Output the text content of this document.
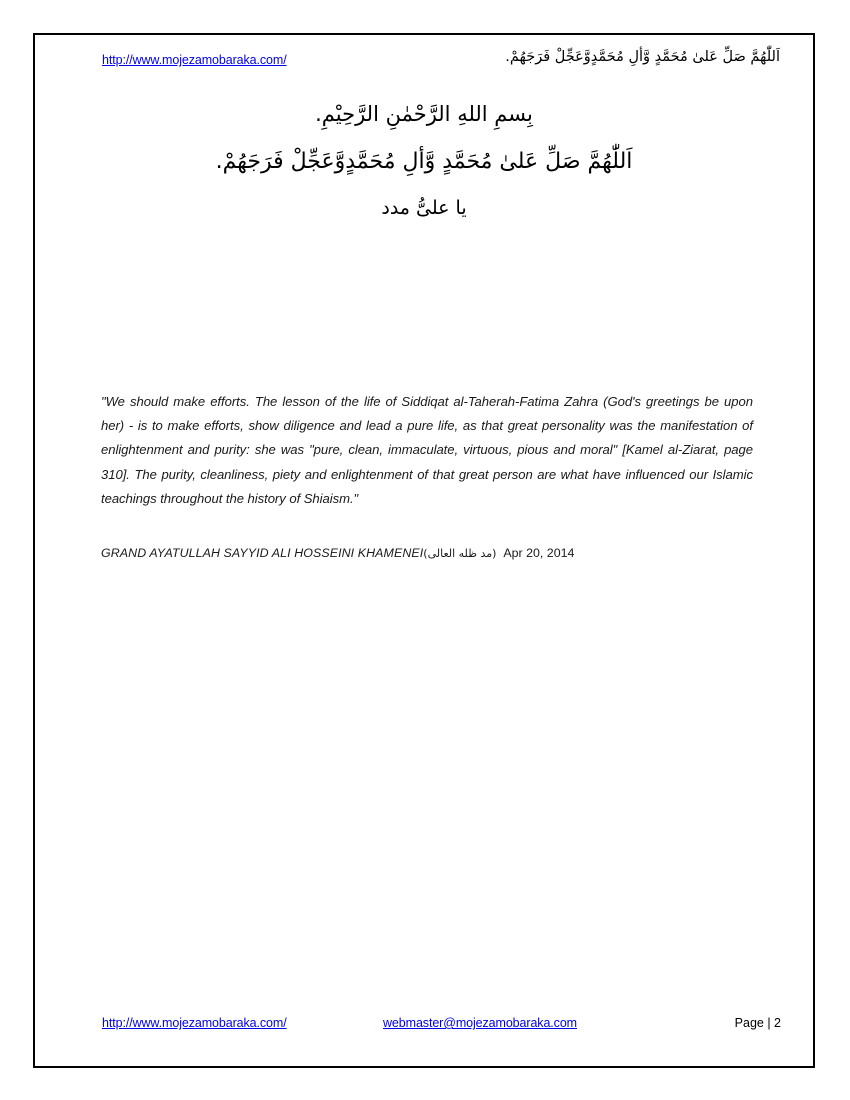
http://www.mojezamobaraka.com/	اَللّٰهُمَّ صَلِّ عَلىٰ مُحَمَّدٍ وَّألِ مُحَمَّدٍوَّعَجِّلْ فَرَجَهُمْ.
بِسمِ اللهِ الرَّحْمٰنِ الرَّحِيْمِ.
اَللّٰهُمَّ صَلِّ عَلىٰ مُحَمَّدٍ وَّألِ مُحَمَّدٍوَّعَجِّلْ فَرَجَهُمْ.
يا علىُّ مدد

"We should make efforts. The lesson of the life of Siddiqat al-Taherah-Fatima Zahra (God's greetings be upon her) - is to make efforts, show diligence and lead a pure life, as that great personality was the manifestation of enlightenment and purity: she was "pure, clean, immaculate, virtuous, pious and moral" [Kamel al-Ziarat, page 310]. The purity, cleanliness, piety and enlightenment of that great person are what have influenced our Islamic teachings throughout the history of Shiaism."

GRAND AYATULLAH SAYYID ALI HOSSEINI KHAMENEI(مد ظله العالی) Apr 20, 2014
http://www.mojezamobaraka.com/	webmaster@mojezamobaraka.com	Page | 2
